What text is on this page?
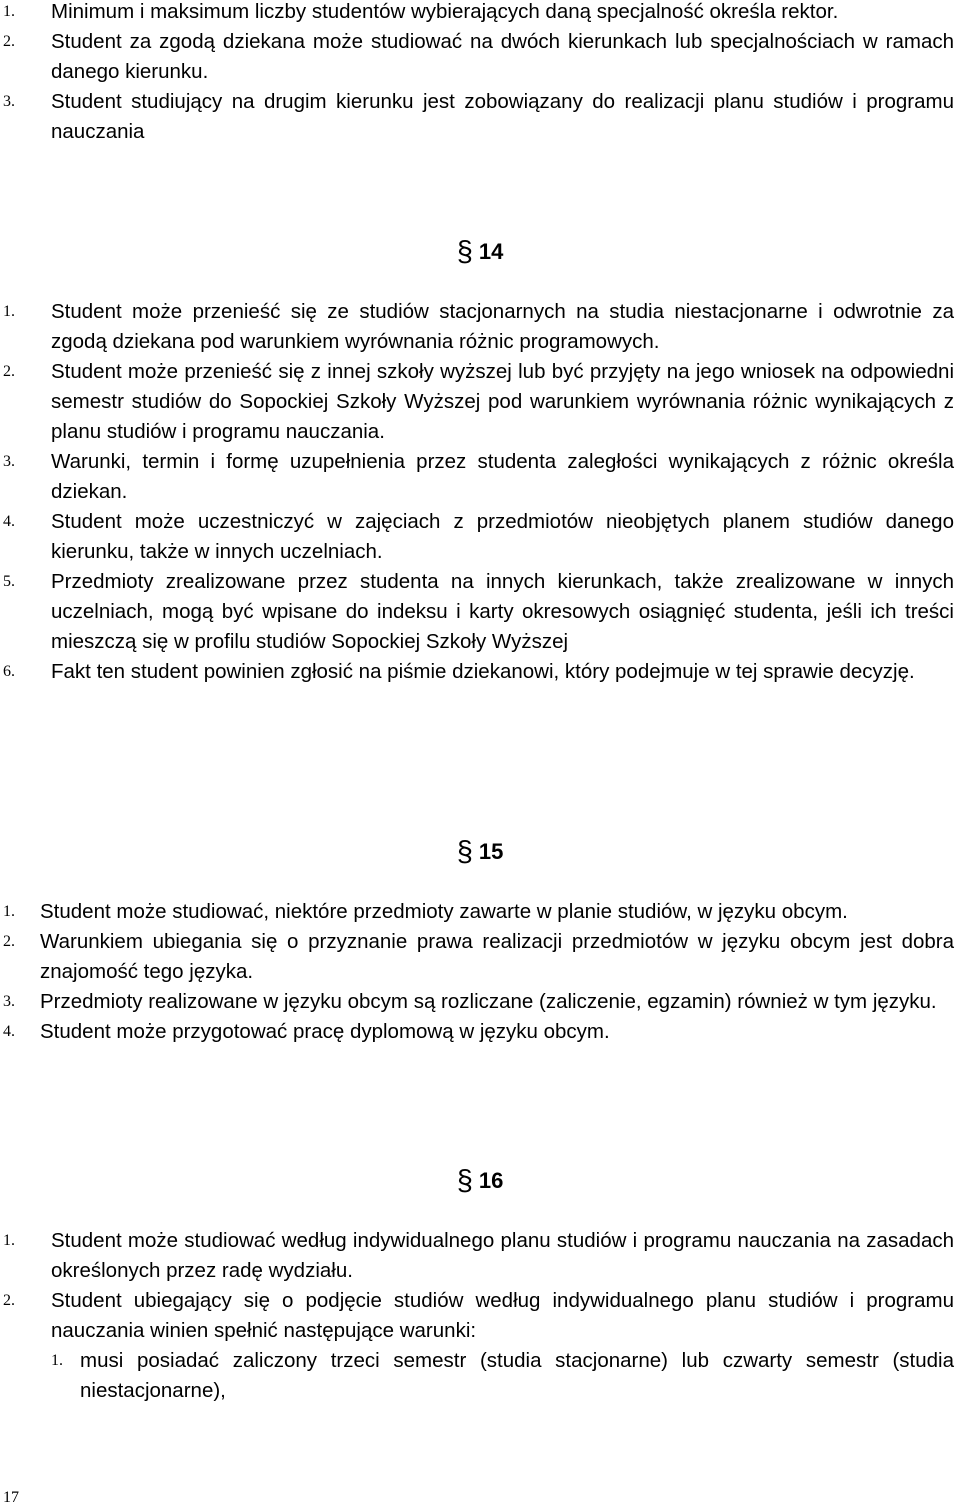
1. Minimum i maksimum liczby studentów wybierających daną specjalność określa rektor.
2. Student za zgodą dziekana może studiować na dwóch kierunkach lub specjalnościach w ramach danego kierunku.
3. Student studiujący na drugim kierunku jest zobowiązany do realizacji planu studiów i programu nauczania
§ 14
1. Student może przenieść się ze studiów stacjonarnych na studia niestacjonarne i odwrotnie za zgodą dziekana pod warunkiem wyrównania różnic programowych.
2. Student może przenieść się z innej szkoły wyższej lub być przyjęty na jego wniosek na odpowiedni semestr studiów do Sopockiej Szkoły Wyższej pod warunkiem wyrównania różnic wynikających z planu studiów i programu nauczania.
3. Warunki, termin i formę uzupełnienia przez studenta zaległości wynikających z różnic określa dziekan.
4. Student może uczestniczyć w zajęciach z przedmiotów nieobjętych planem studiów danego kierunku, także w innych uczelniach.
5. Przedmioty zrealizowane przez studenta na innych kierunkach, także zrealizowane w innych uczelniach, mogą być wpisane do indeksu i karty okresowych osiągnięć studenta, jeśli ich treści mieszczą się w profilu studiów Sopockiej Szkoły Wyższej
6. Fakt ten student powinien zgłosić na piśmie dziekanowi, który podejmuje w tej sprawie decyzję.
§ 15
1. Student może studiować, niektóre przedmioty zawarte w planie studiów, w języku obcym.
2. Warunkiem ubiegania się o przyznanie prawa realizacji przedmiotów w języku obcym jest dobra znajomość tego języka.
3. Przedmioty realizowane w języku obcym są rozliczane (zaliczenie, egzamin) również w tym języku.
4. Student może przygotować pracę dyplomową w języku obcym.
§ 16
1. Student może studiować według indywidualnego planu studiów i programu nauczania na zasadach określonych przez radę wydziału.
2. Student ubiegający się o podjęcie studiów według indywidualnego planu studiów i programu nauczania winien spełnić następujące warunki:
1. musi posiadać zaliczony trzeci semestr (studia stacjonarne) lub czwarty semestr (studia niestacjonarne),
17
